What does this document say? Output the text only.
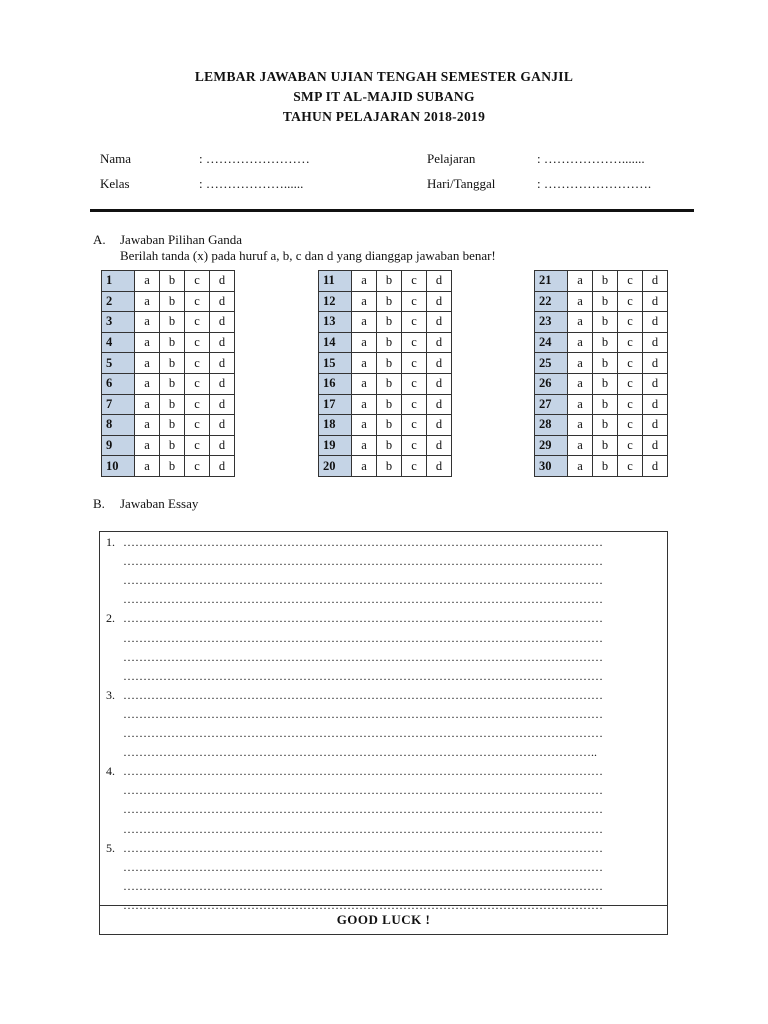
LEMBAR JAWABAN UJIAN TENGAH SEMESTER GANJIL
SMP IT AL-MAJID SUBANG
TAHUN PELAJARAN 2018-2019
Nama	: ……………………
Kelas	: ………………......
Pelajaran	: ……………….......
Hari/Tanggal	: …………………….
A. Jawaban Pilihan Ganda
Berilah tanda (x) pada huruf a, b, c dan d yang dianggap jawaban benar!
1	a	b	c	d
2	a	b	c	d
3	a	b	c	d
4	a	b	c	d
5	a	b	c	d
6	a	b	c	d
7	a	b	c	d
8	a	b	c	d
9	a	b	c	d
10	a	b	c	d
11	a	b	c	d
12	a	b	c	d
13	a	b	c	d
14	a	b	c	d
15	a	b	c	d
16	a	b	c	d
17	a	b	c	d
18	a	b	c	d
19	a	b	c	d
20	a	b	c	d
21	a	b	c	d
22	a	b	c	d
23	a	b	c	d
24	a	b	c	d
25	a	b	c	d
26	a	b	c	d
27	a	b	c	d
28	a	b	c	d
29	a	b	c	d
30	a	b	c	d
B. Jawaban Essay
1. …………………………………………………………………………………………………………
…………………………………………………………………………………………………………
…………………………………………………………………………………………………………
…………………………………………………………………………………………………………
2. …………………………………………………………………………………………………………
…………………………………………………………………………………………………………
…………………………………………………………………………………………………………
…………………………………………………………………………………………………………
3. …………………………………………………………………………………………………………
…………………………………………………………………………………………………………
…………………………………………………………………………………………………………
………………………………………………………………………………………………………..
4. …………………………………………………………………………………………………………
…………………………………………………………………………………………………………
…………………………………………………………………………………………………………
…………………………………………………………………………………………………………
5. …………………………………………………………………………………………………………
…………………………………………………………………………………………………………
…………………………………………………………………………………………………………
…………………………………………………………………………………………………………
GOOD LUCK !
